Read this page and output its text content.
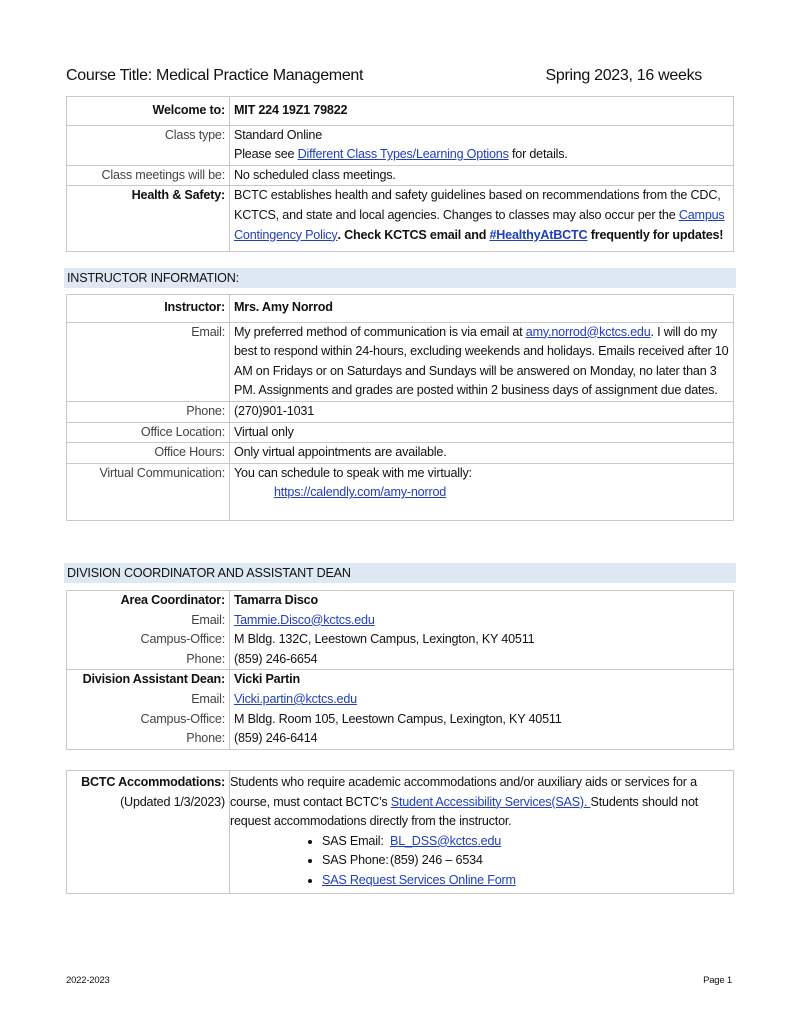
Course Title: Medical Practice Management	Spring 2023, 16 weeks
Welcome to:	MIT 224 19Z1 79822
Class type:	Standard Online
Please see Different Class Types/Learning Options for details.

Class meetings will be:	No scheduled class meetings.
Health & Safety:	BCTC establishes health and safety guidelines based on recommendations from the CDC, KCTCS, and state and local agencies. Changes to classes may also occur per the Campus Contingency Policy. Check KCTCS email and #HealthyAtBCTC frequently for updates!
INSTRUCTOR INFORMATION:
Instructor:	Mrs. Amy Norrod
Email:	My preferred method of communication is via email at amy.norrod@kctcs.edu. I will do my best to respond within 24-hours, excluding weekends and holidays. Emails received after 10 AM on Fridays or on Saturdays and Sundays will be answered on Monday, no later than 3 PM. Assignments and grades are posted within 2 business days of assignment due dates.
Phone:	(270)901-1031
Office Location:	Virtual only
Office Hours:	Only virtual appointments are available.
Virtual Communication:	You can schedule to speak with me virtually:
https://calendly.com/amy-norrod
DIVISION COORDINATOR AND ASSISTANT DEAN
Area Coordinator:	Tamarra Disco
Email:	Tammie.Disco@kctcs.edu
Campus-Office:	M Bldg. 132C, Leestown Campus, Lexington, KY 40511
Phone:	(859) 246-6654
Division Assistant Dean:	Vicki Partin
Email:	Vicki.partin@kctcs.edu
Campus-Office:	M Bldg. Room 105, Leestown Campus, Lexington, KY 40511
Phone:	(859) 246-6414
BCTC Accommodations:
(Updated 1/3/2023)

Students who require academic accommodations and/or auxiliary aids or services for a course, must contact BCTC’s Student Accessibility Services(SAS). Students should not request accommodations directly from the instructor.
• SAS Email: BL_DSS@kctcs.edu
• SAS Phone:(859) 246 – 6534
• SAS Request Services Online Form
2022-2023	Page 1
